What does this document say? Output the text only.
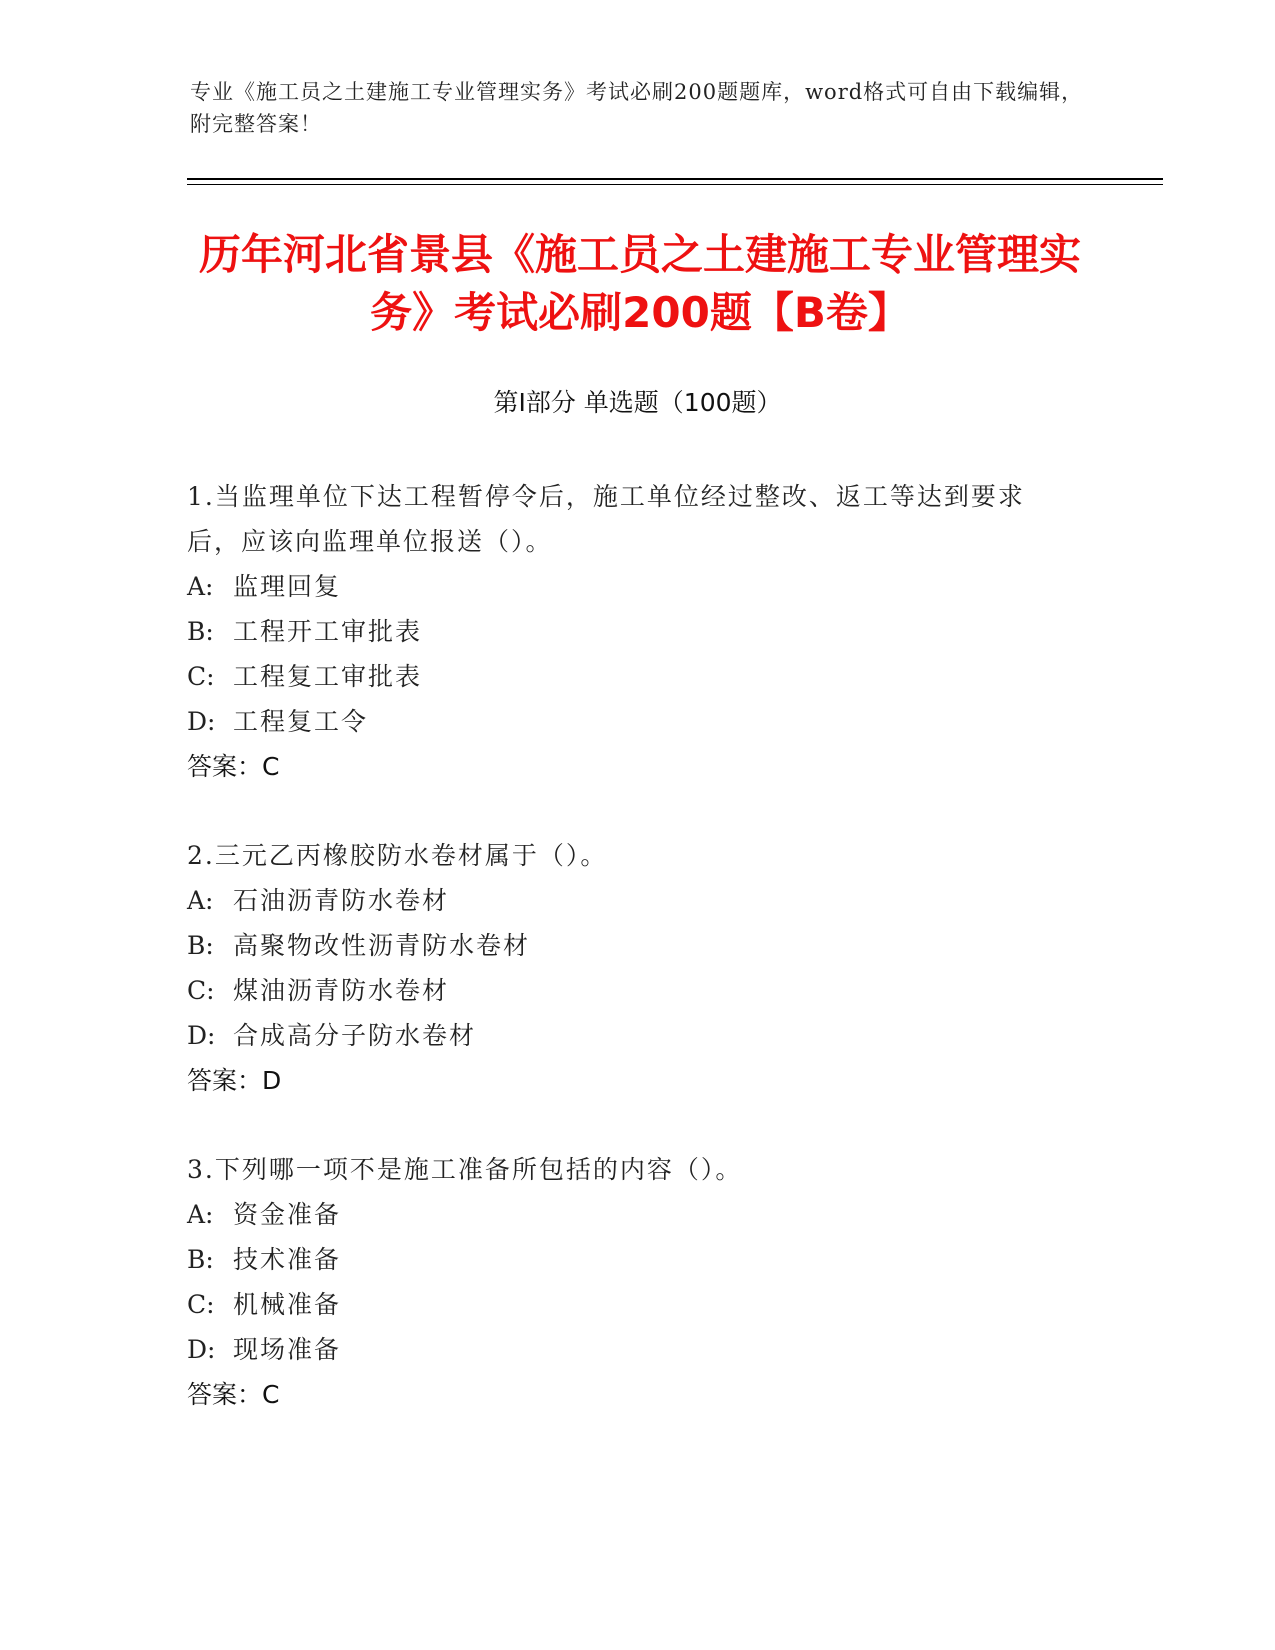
专业《施工员之土建施工专业管理实务》考试必刷200题题库，word格式可自由下载编辑，附完整答案！
历年河北省景县《施工员之土建施工专业管理实务》考试必刷200题【B卷】
第Ⅰ部分 单选题（100题）
1.当监理单位下达工程暂停令后，施工单位经过整改、返工等达到要求后，应该向监理单位报送（）。
A: 监理回复
B: 工程开工审批表
C: 工程复工审批表
D: 工程复工令
答案：C
2.三元乙丙橡胶防水卷材属于（）。
A: 石油沥青防水卷材
B: 高聚物改性沥青防水卷材
C: 煤油沥青防水卷材
D: 合成高分子防水卷材
答案：D
3.下列哪一项不是施工准备所包括的内容（）。
A: 资金准备
B: 技术准备
C: 机械准备
D: 现场准备
答案：C
